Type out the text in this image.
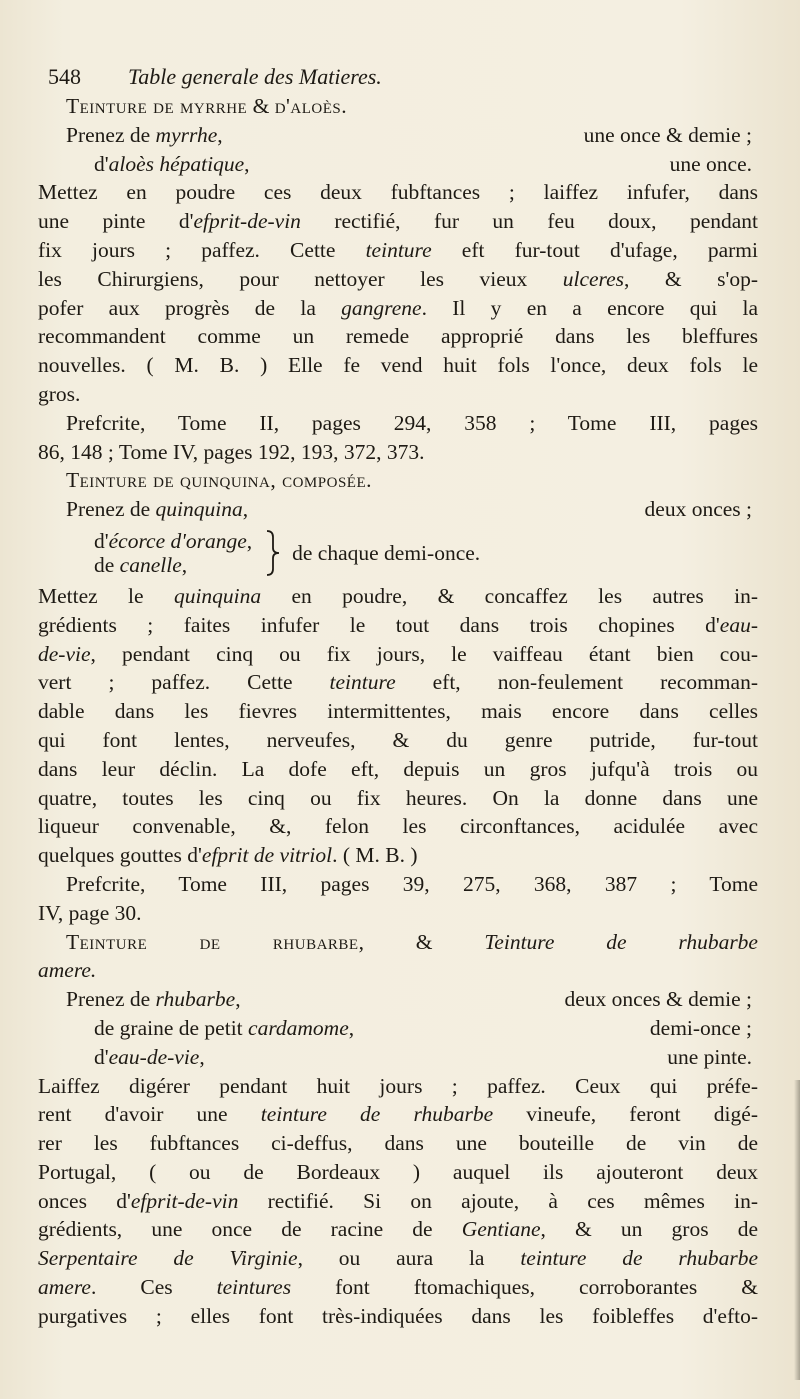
548 Table generale des Matieres.
Teinture de myrrhe & d'aloès.
Prenez de myrrhe,	une once & demie ;
d'aloès hépatique,	une once.
Mettez en poudre ces deux fubftances ; laiffez infufer, dans
une pinte d'efprit-de-vin rectifié, fur un feu doux, pendant
fix jours ; paffez. Cette teinture eft fur-tout d'ufage, parmi
les Chirurgiens, pour nettoyer les vieux ulceres, & s'op-
pofer aux progrès de la gangrene. Il y en a encore qui la
recommandent comme un remede approprié dans les bleffures
nouvelles. ( M. B. ) Elle fe vend huit fols l'once, deux fols le
gros.
Prefcrite, Tome II, pages 294, 358 ; Tome III, pages
86, 148 ; Tome IV, pages 192, 193, 372, 373.
Teinture de quinquina, composée.
Prenez de quinquina,	deux onces ;
d'écorce d'orange,
de canelle,
de chaque demi-once.
Mettez le quinquina en poudre, & concaffez les autres in-
grédients ; faites infufer le tout dans trois chopines d'eau-
de-vie, pendant cinq ou fix jours, le vaiffeau étant bien cou-
vert ; paffez. Cette teinture eft, non-feulement recomman-
dable dans les fievres intermittentes, mais encore dans celles
qui font lentes, nerveufes, & du genre putride, fur-tout
dans leur déclin. La dofe eft, depuis un gros jufqu'à trois ou
quatre, toutes les cinq ou fix heures. On la donne dans une
liqueur convenable, &, felon les circonftances, acidulée avec
quelques gouttes d'efprit de vitriol. ( M. B. )
Prefcrite, Tome III, pages 39, 275, 368, 387 ; Tome
IV, page 30.
Teinture de rhubarbe, & Teinture de rhubarbe
amere.
Prenez de rhubarbe,	deux onces & demie ;
de graine de petit cardamome,	demi-once ;
d'eau-de-vie,	une pinte.
Laiffez digérer pendant huit jours ; paffez. Ceux qui préfe-
rent d'avoir une teinture de rhubarbe vineufe, feront digé-
rer les fubftances ci-deffus, dans une bouteille de vin de
Portugal, ( ou de Bordeaux ) auquel ils ajouteront deux
onces d'efprit-de-vin rectifié. Si on ajoute, à ces mêmes in-
grédients, une once de racine de Gentiane, & un gros de
Serpentaire de Virginie, ou aura la teinture de rhubarbe
amere. Ces teintures font ftomachiques, corroborantes &
purgatives ; elles font très-indiquées dans les foibleffes d'efto-
